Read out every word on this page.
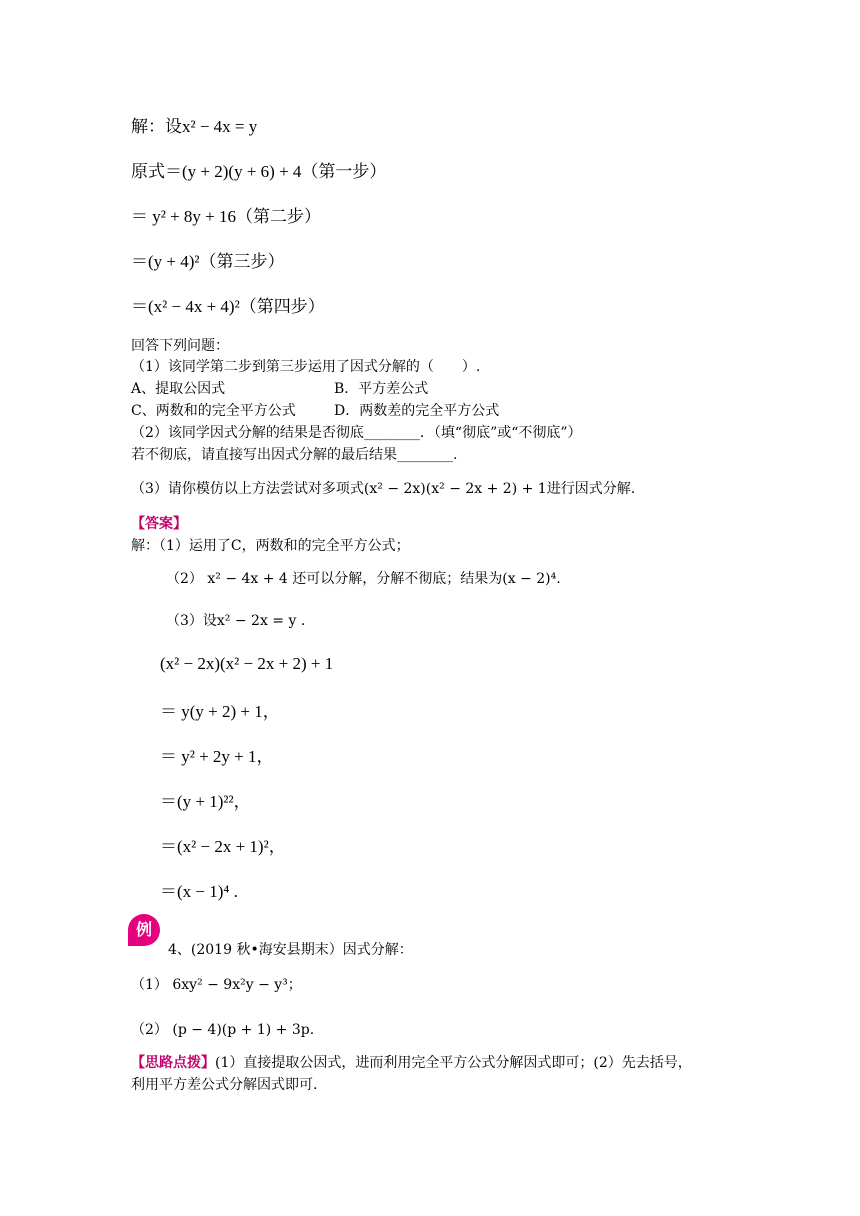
解：设x² − 4x = y
原式＝(y + 2)(y + 6) + 4（第一步）
＝ y² + 8y + 16（第二步）
＝(y + 4)²（第三步）
＝(x² − 4x + 4)²（第四步）
回答下列问题：
（1）该同学第二步到第三步运用了因式分解的（　　）.
A、提取公因式	B．平方差公式
C、两数和的完全平方公式	D．两数差的完全平方公式
（2）该同学因式分解的结果是否彻底________．（填“彻底”或“不彻底”）
若不彻底，请直接写出因式分解的最后结果________.
（3）请你模仿以上方法尝试对多项式(x² − 2x)(x² − 2x + 2) + 1进行因式分解.
【答案】
解：（1）运用了C，两数和的完全平方公式；
（2） x² − 4x + 4 还可以分解，分解不彻底；结果为(x − 2)⁴.
（3）设x² − 2x = y .
(x² − 2x)(x² − 2x + 2) + 1
＝ y(y + 2) + 1，
＝ y² + 2y + 1，
＝(y + 1)²²，
＝(x² − 2x + 1)²，
＝(x − 1)⁴ .
例
4、(2019 秋•海安县期末）因式分解：
（1） 6xy² − 9x²y − y³；
（2） (p − 4)(p + 1) + 3p.
【思路点拨】(1）直接提取公因式，进而利用完全平方公式分解因式即可；(2）先去括号，
利用平方差公式分解因式即可.
